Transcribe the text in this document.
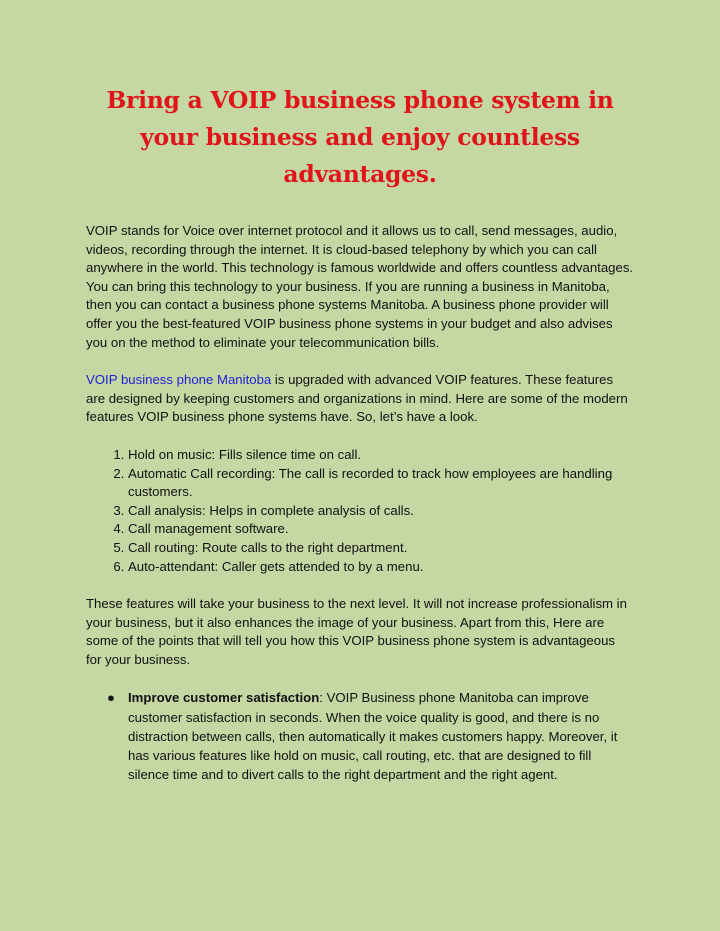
Bring a VOIP business phone system in your business and enjoy countless advantages.

VOIP stands for Voice over internet protocol and it allows us to call, send messages, audio, videos, recording through the internet. It is cloud-based telephony by which you can call anywhere in the world. This technology is famous worldwide and offers countless advantages. You can bring this technology to your business. If you are running a business in Manitoba, then you can contact a business phone systems Manitoba. A business phone provider will offer you the best-featured VOIP business phone systems in your budget and also advises you on the method to eliminate your telecommunication bills.

VOIP business phone Manitoba is upgraded with advanced VOIP features. These features are designed by keeping customers and organizations in mind. Here are some of the modern features VOIP business phone systems have. So, let’s have a look.

1. Hold on music: Fills silence time on call.
2. Automatic Call recording: The call is recorded to track how employees are handling customers.
3. Call analysis: Helps in complete analysis of calls.
4. Call management software.
5. Call routing: Route calls to the right department.
6. Auto-attendant: Caller gets attended to by a menu.

These features will take your business to the next level. It will not increase professionalism in your business, but it also enhances the image of your business. Apart from this, Here are some of the points that will tell you how this VOIP business phone system is advantageous for your business.

● Improve customer satisfaction: VOIP Business phone Manitoba can improve customer satisfaction in seconds. When the voice quality is good, and there is no distraction between calls, then automatically it makes customers happy. Moreover, it has various features like hold on music, call routing, etc. that are designed to fill silence time and to divert calls to the right department and the right agent.
